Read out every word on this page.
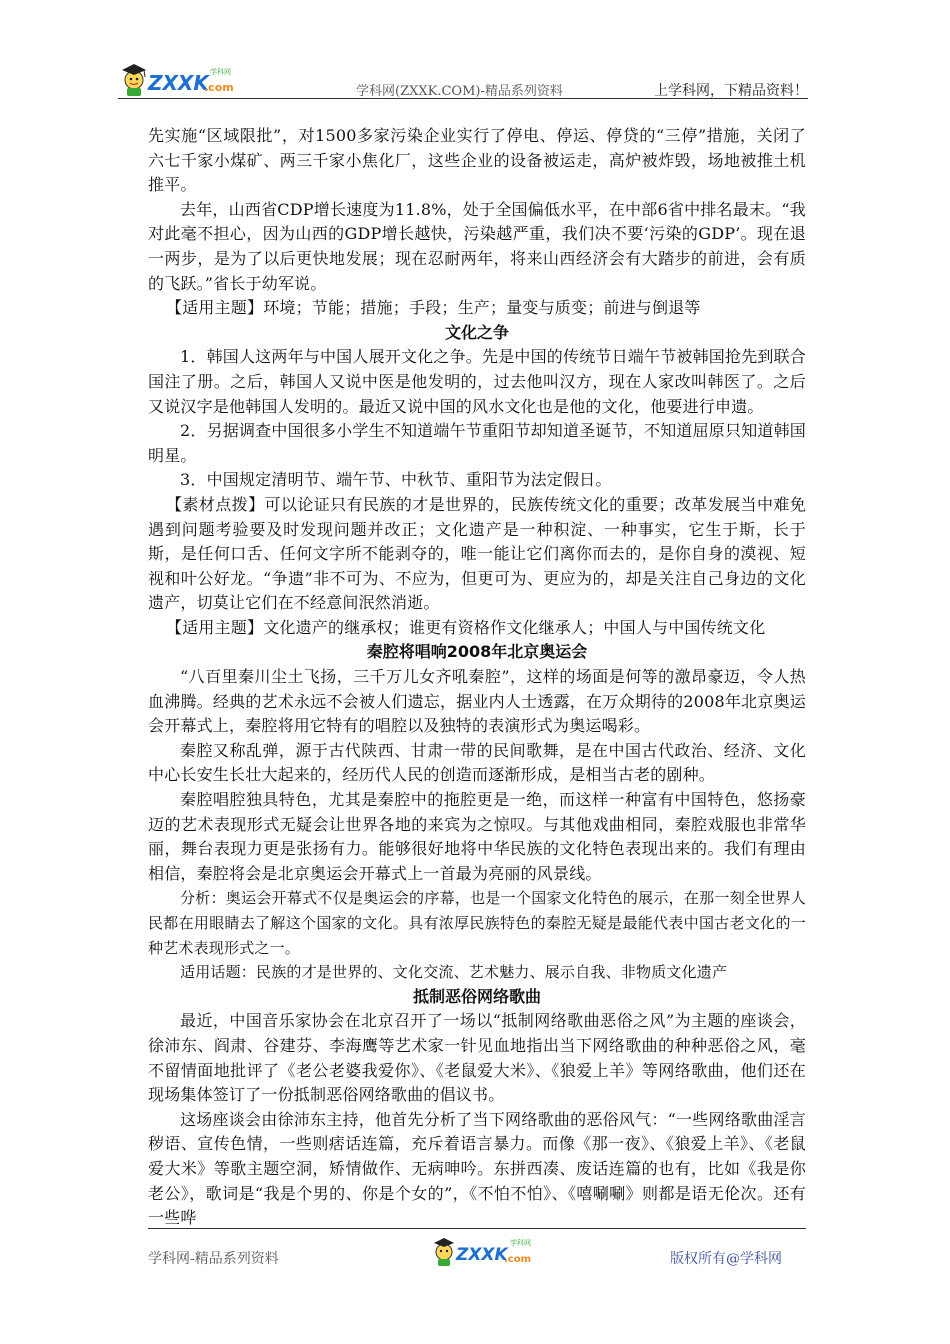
ZXXK
.com
学科网
学科网(ZXXK.COM)-精品系列资料	上学科网，下精品资料！

先实施“区域限批”，对1500多家污染企业实行了停电、停运、停贷的“三停”措施，关闭了六七千家小煤矿、两三千家小焦化厂，这些企业的设备被运走，高炉被炸毁，场地被推土机推平。

去年，山西省CDP增长速度为11.8%，处于全国偏低水平，在中部6省中排名最末。“我对此毫不担心，因为山西的GDP增长越快，污染越严重，我们决不要‘污染的GDP’。现在退一两步，是为了以后更快地发展；现在忍耐两年，将来山西经济会有大踏步的前进，会有质的飞跃。”省长于幼军说。

【适用主题】环境；节能；措施；手段；生产；量变与质变；前进与倒退等

文化之争

1．韩国人这两年与中国人展开文化之争。先是中国的传统节日端午节被韩国抢先到联合国注了册。之后，韩国人又说中医是他发明的，过去他叫汉方，现在人家改叫韩医了。之后又说汉字是他韩国人发明的。最近又说中国的风水文化也是他的文化，他要进行申遗。

2．另据调查中国很多小学生不知道端午节重阳节却知道圣诞节，不知道屈原只知道韩国明星。

3．中国规定清明节、端午节、中秋节、重阳节为法定假日。

【素材点拨】可以论证只有民族的才是世界的，民族传统文化的重要；改革发展当中难免遇到问题考验要及时发现问题并改正；文化遗产是一种积淀、一种事实，它生于斯，长于斯，是任何口舌、任何文字所不能剥夺的，唯一能让它们离你而去的，是你自身的漠视、短视和叶公好龙。“争遗”非不可为、不应为，但更可为、更应为的，却是关注自己身边的文化遗产，切莫让它们在不经意间泯然消逝。

【适用主题】文化遗产的继承权；谁更有资格作文化继承人；中国人与中国传统文化

秦腔将唱响2008年北京奥运会

“八百里秦川尘土飞扬，三千万儿女齐吼秦腔”，这样的场面是何等的激昂豪迈，令人热血沸腾。经典的艺术永远不会被人们遗忘，据业内人士透露，在万众期待的2008年北京奥运会开幕式上，秦腔将用它特有的唱腔以及独特的表演形式为奥运喝彩。

秦腔又称乱弹，源于古代陕西、甘肃一带的民间歌舞，是在中国古代政治、经济、文化中心长安生长壮大起来的，经历代人民的创造而逐渐形成，是相当古老的剧种。

秦腔唱腔独具特色，尤其是秦腔中的拖腔更是一绝，而这样一种富有中国特色，悠扬豪迈的艺术表现形式无疑会让世界各地的来宾为之惊叹。与其他戏曲相同，秦腔戏服也非常华丽，舞台表现力更是张扬有力。能够很好地将中华民族的文化特色表现出来的。我们有理由相信，秦腔将会是北京奥运会开幕式上一首最为亮丽的风景线。

分析：奥运会开幕式不仅是奥运会的序幕，也是一个国家文化特色的展示，在那一刻全世界人民都在用眼睛去了解这个国家的文化。具有浓厚民族特色的秦腔无疑是最能代表中国古老文化的一种艺术表现形式之一。

适用话题：民族的才是世界的、文化交流、艺术魅力、展示自我、非物质文化遗产

抵制恶俗网络歌曲

最近，中国音乐家协会在北京召开了一场以“抵制网络歌曲恶俗之风”为主题的座谈会，徐沛东、阎肃、谷建芬、李海鹰等艺术家一针见血地指出当下网络歌曲的种种恶俗之风，毫不留情面地批评了《老公老婆我爱你》、《老鼠爱大米》、《狼爱上羊》等网络歌曲，他们还在现场集体签订了一份抵制恶俗网络歌曲的倡议书。

这场座谈会由徐沛东主持，他首先分析了当下网络歌曲的恶俗风气：“一些网络歌曲淫言秽语、宣传色情，一些则痞话连篇，充斥着语言暴力。而像《那一夜》、《狼爱上羊》、《老鼠爱大米》等歌主题空洞，矫情做作、无病呻吟。东拼西凑、废话连篇的也有，比如《我是你老公》，歌词是“我是个男的、你是个女的”，《不怕不怕》、《嘻唰唰》则都是语无伦次。还有一些哗

学科网-精品系列资料	ZXXK
.com
学科网
版权所有@学科网
